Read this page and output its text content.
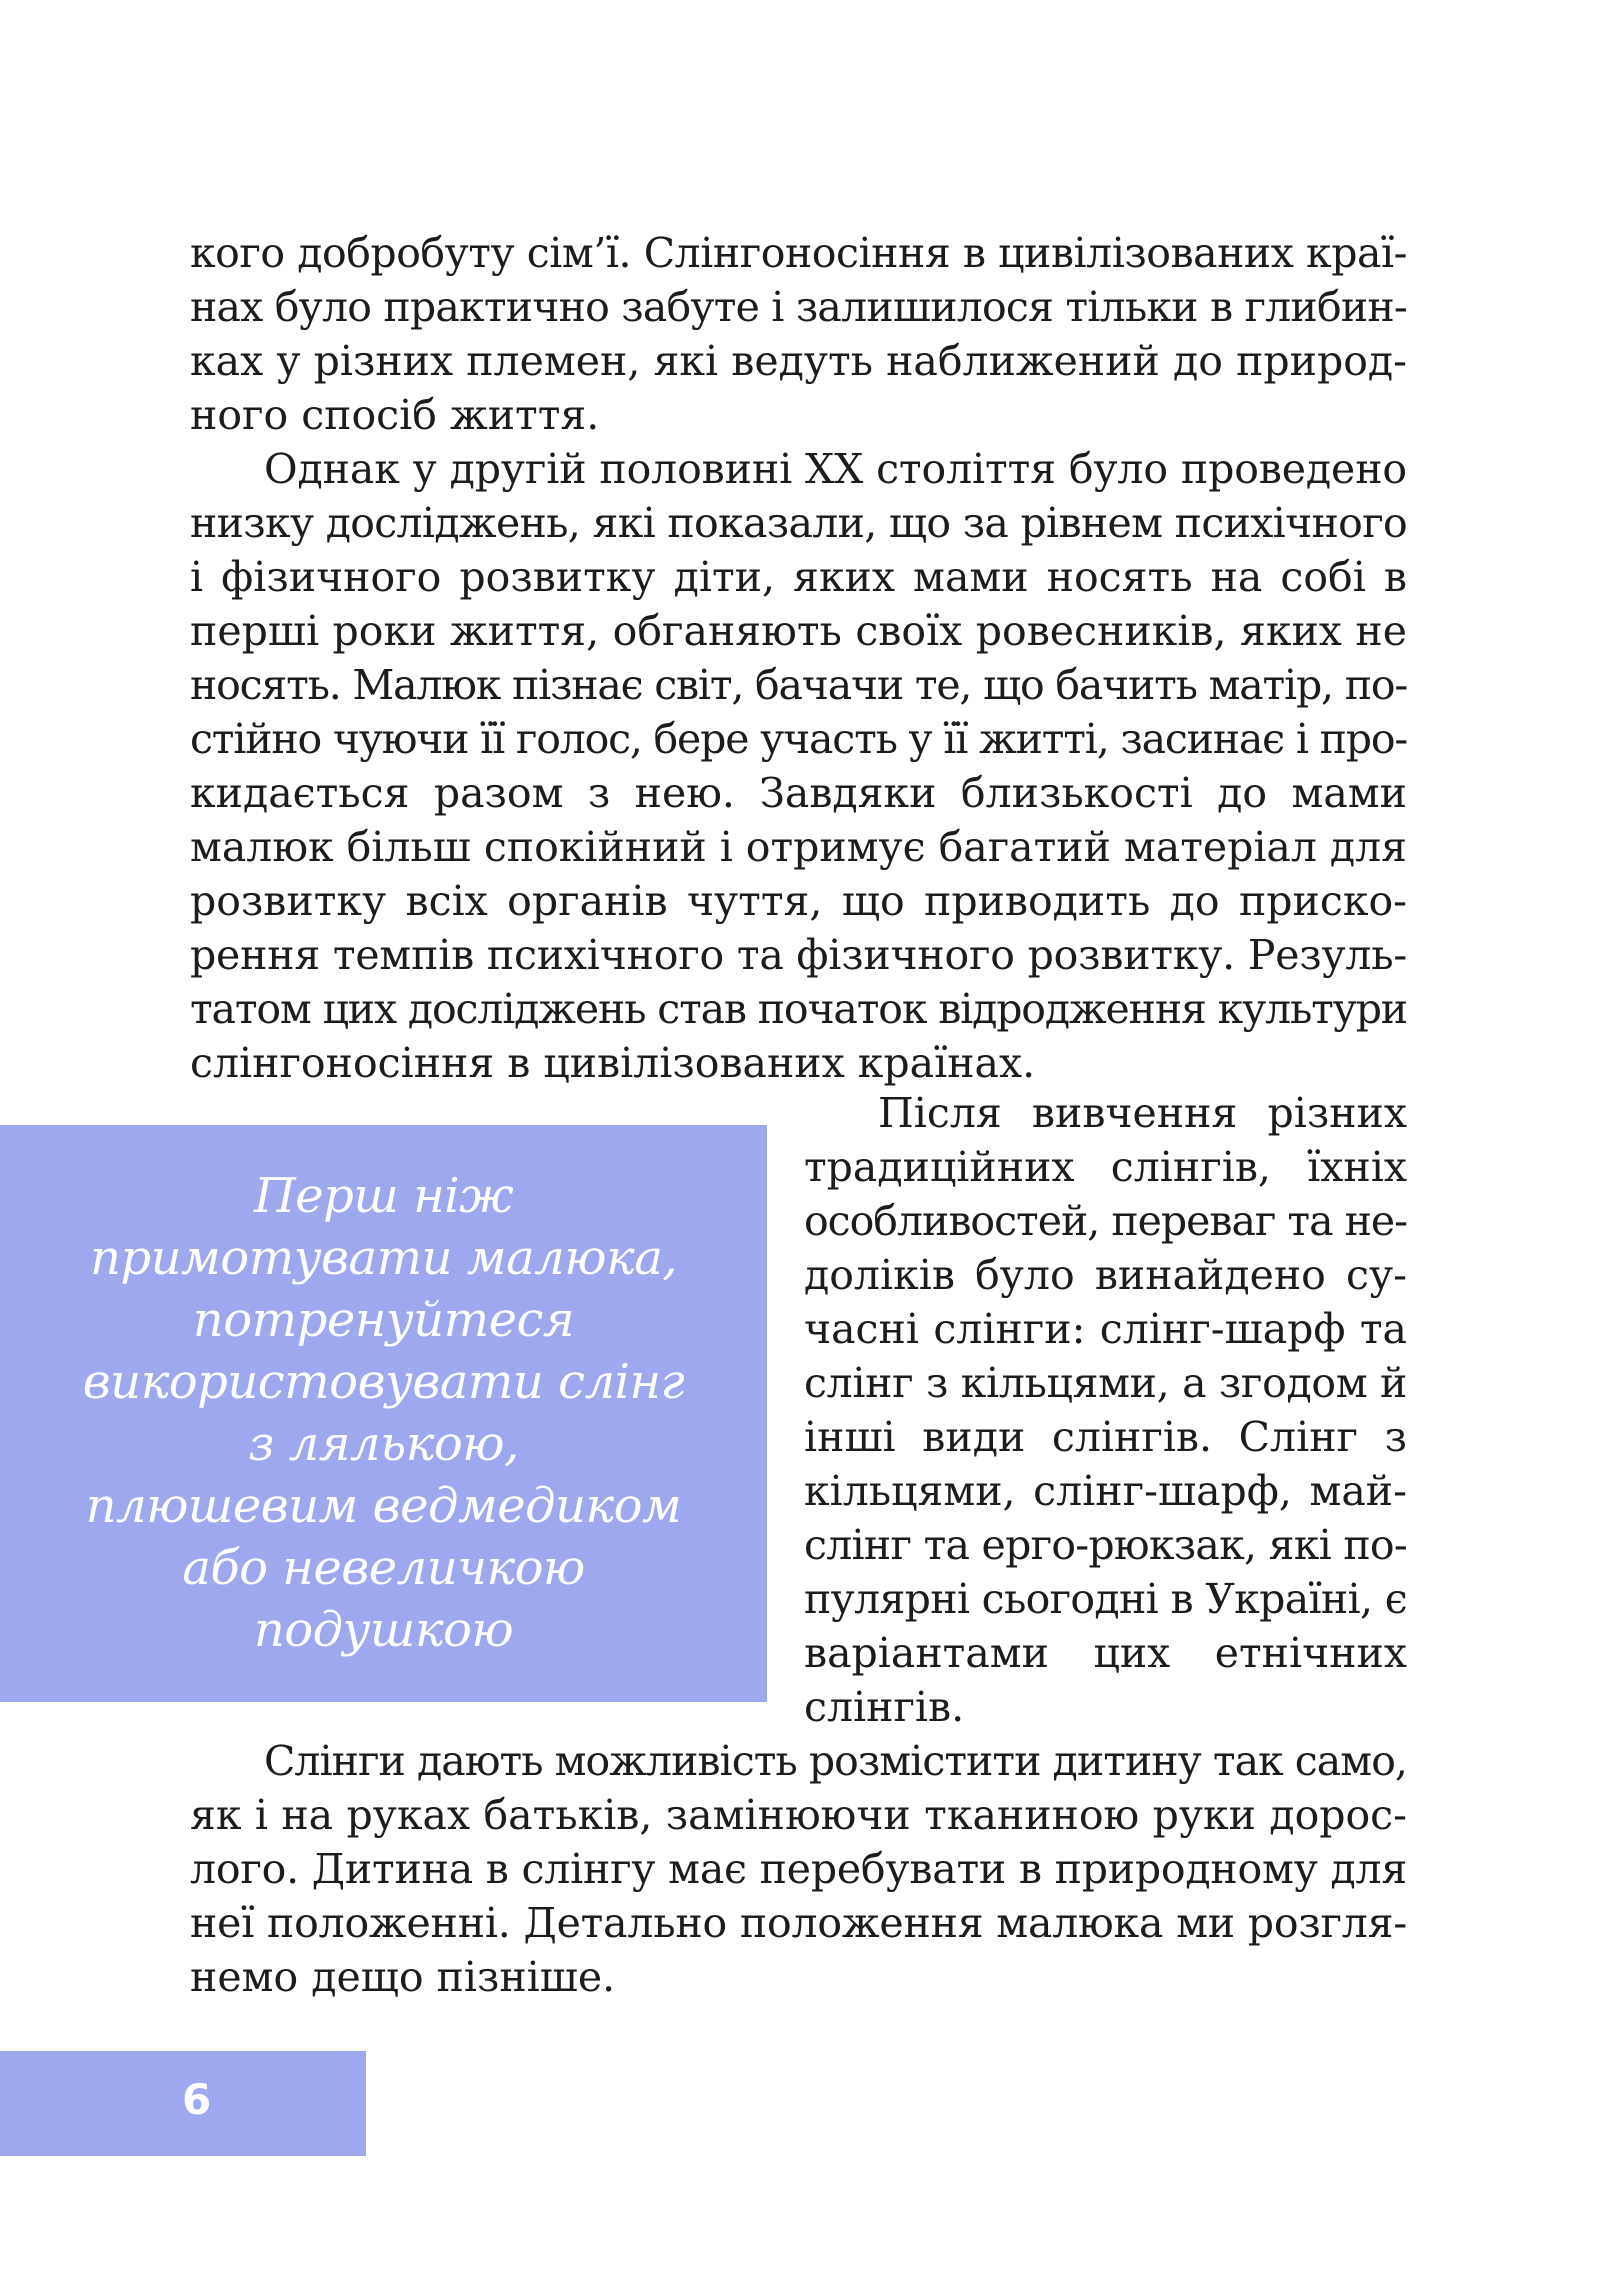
кого добробуту сім’ї. Слінгоносіння в цивілізованих краї-
нах було практично забуте і залишилося тільки в глибин-
ках у різних племен, які ведуть наближений до природ-
ного спосіб життя.
Однак у другій половині XX століття було проведено
низку досліджень, які показали, що за рівнем психічного
і фізичного розвитку діти, яких мами носять на собі в
перші роки життя, обганяють своїх ровесників, яких не
носять. Малюк пізнає світ, бачачи те, що бачить матір, по-
стійно чуючи її голос, бере участь у її житті, засинає і про-
кидається разом з нею. Завдяки близькості до мами
малюк більш спокійний і отримує багатий матеріал для
розвитку всіх органів чуття, що приводить до приско-
рення темпів психічного та фізичного розвитку. Резуль-
татом цих досліджень став початок відродження культури
слінгоносіння в цивілізованих країнах.
Перш ніж
примотувати малюка,
потренуйтеся
використовувати слінг
з лялькою,
плюшевим ведмедиком
або невеличкою
подушкою
Після вивчення різних
традиційних слінгів, їхніх
особливостей, переваг та не-
доліків було винайдено су-
часні слінги: слінг-шарф та
слінг з кільцями, а згодом й
інші види слінгів. Слінг з
кільцями, слінг-шарф, май-
слінг та ерго-рюкзак, які по-
пулярні сьогодні в Україні, є
варіантами цих етнічних
слінгів.
Слінги дають можливість розмістити дитину так само,
як і на руках батьків, замінюючи тканиною руки дорос-
лого. Дитина в слінгу має перебувати в природному для
неї положенні. Детально положення малюка ми розгля-
немо дещо пізніше.
6
